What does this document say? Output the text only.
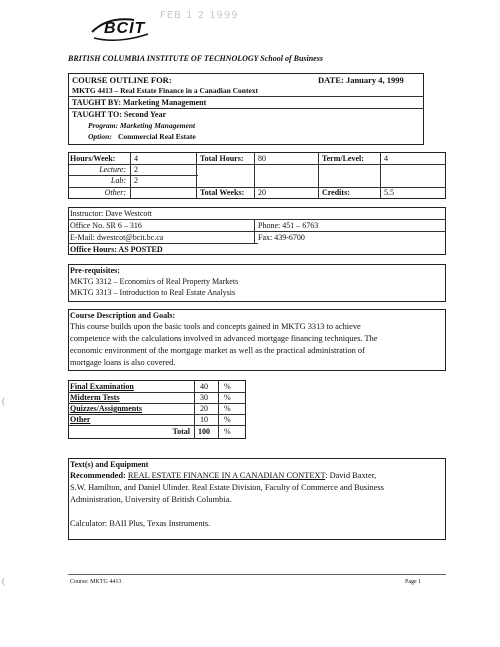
BCIT
FEB 1 2 1999
BRITISH COLUMBIA INSTITUTE OF TECHNOLOGY School of Business
COURSE OUTLINE FOR:	DATE: January 4, 1999
MKTG 4413 – Real Estate Finance in a Canadian Context
TAUGHT BY: Marketing Management
TAUGHT TO: Second Year
Program: Marketing Management
Option: Commercial Real Estate
Hours/Week: 4	Total Hours: 80	Term/Level:	4
Lecture: 2
Lab: 2
Other:	Total Weeks: 20	Credits:	5.5
Instructor: Dave Westcott
Office No. SR 6 – 316	Phone: 451 – 6763
E-Mail: dwestcot@bcit.bc.ca	Fax: 439-6700
Office Hours: AS POSTED
Pre-requisites:
MKTG 3312 – Economics of Real Property Markets
MKTG 3313 – Introduction to Real Estate Analysis
Course Description and Goals:
This course builds upon the basic tools and concepts gained in MKTG 3313 to achieve
competence with the calculations involved in advanced mortgage financing techniques. The
economic environment of the mortgage market as well as the practical administration of
mortgage loans is also covered.
Final Examination	40 %
Midterm Tests	30 %
Quizzes/Assignments	20 %
Other	10 %
Total 100 %
Text(s) and Equipment
Recommended: REAL ESTATE FINANCE IN A CANADIAN CONTEXT: David Baxter,
S.W. Hamilton, and Daniel Ulinder. Real Estate Division, Faculty of Commerce and Business
Administration, University of British Columbia.
Calculator: BAII Plus, Texas Instruments.
Course: MKTG 4413	Page 1
(
(
